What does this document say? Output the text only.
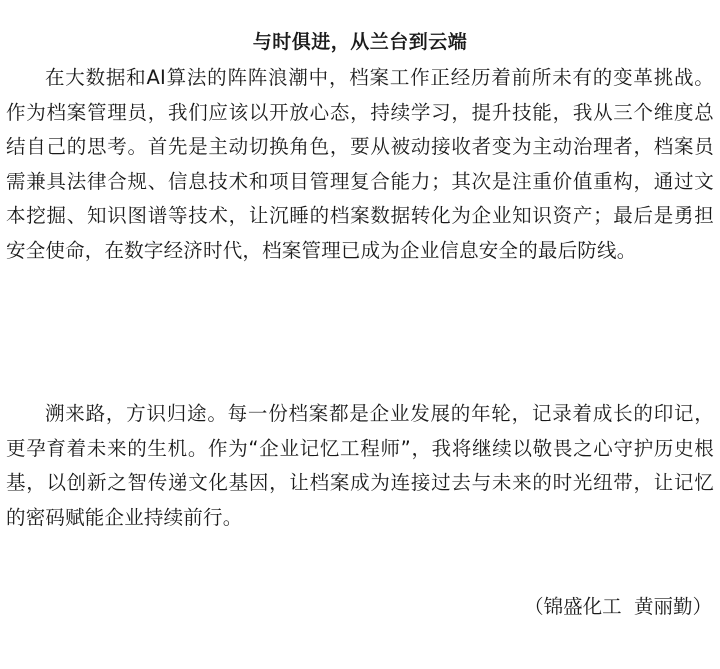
与时俱进，从兰台到云端

在大数据和AI算法的阵阵浪潮中，档案工作正经历着前所未有的变革挑战。作为档案管理员，我们应该以开放心态，持续学习，提升技能，我从三个维度总结自己的思考。首先是主动切换角色，要从被动接收者变为主动治理者，档案员需兼具法律合规、信息技术和项目管理复合能力；其次是注重价值重构，通过文本挖掘、知识图谱等技术，让沉睡的档案数据转化为企业知识资产；最后是勇担安全使命，在数字经济时代，档案管理已成为企业信息安全的最后防线。

溯来路，方识归途。每一份档案都是企业发展的年轮，记录着成长的印记，更孕育着未来的生机。作为“企业记忆工程师”，我将继续以敬畏之心守护历史根基，以创新之智传递文化基因，让档案成为连接过去与未来的时光纽带，让记忆的密码赋能企业持续前行。

（锦盛化工  黄丽勤）
